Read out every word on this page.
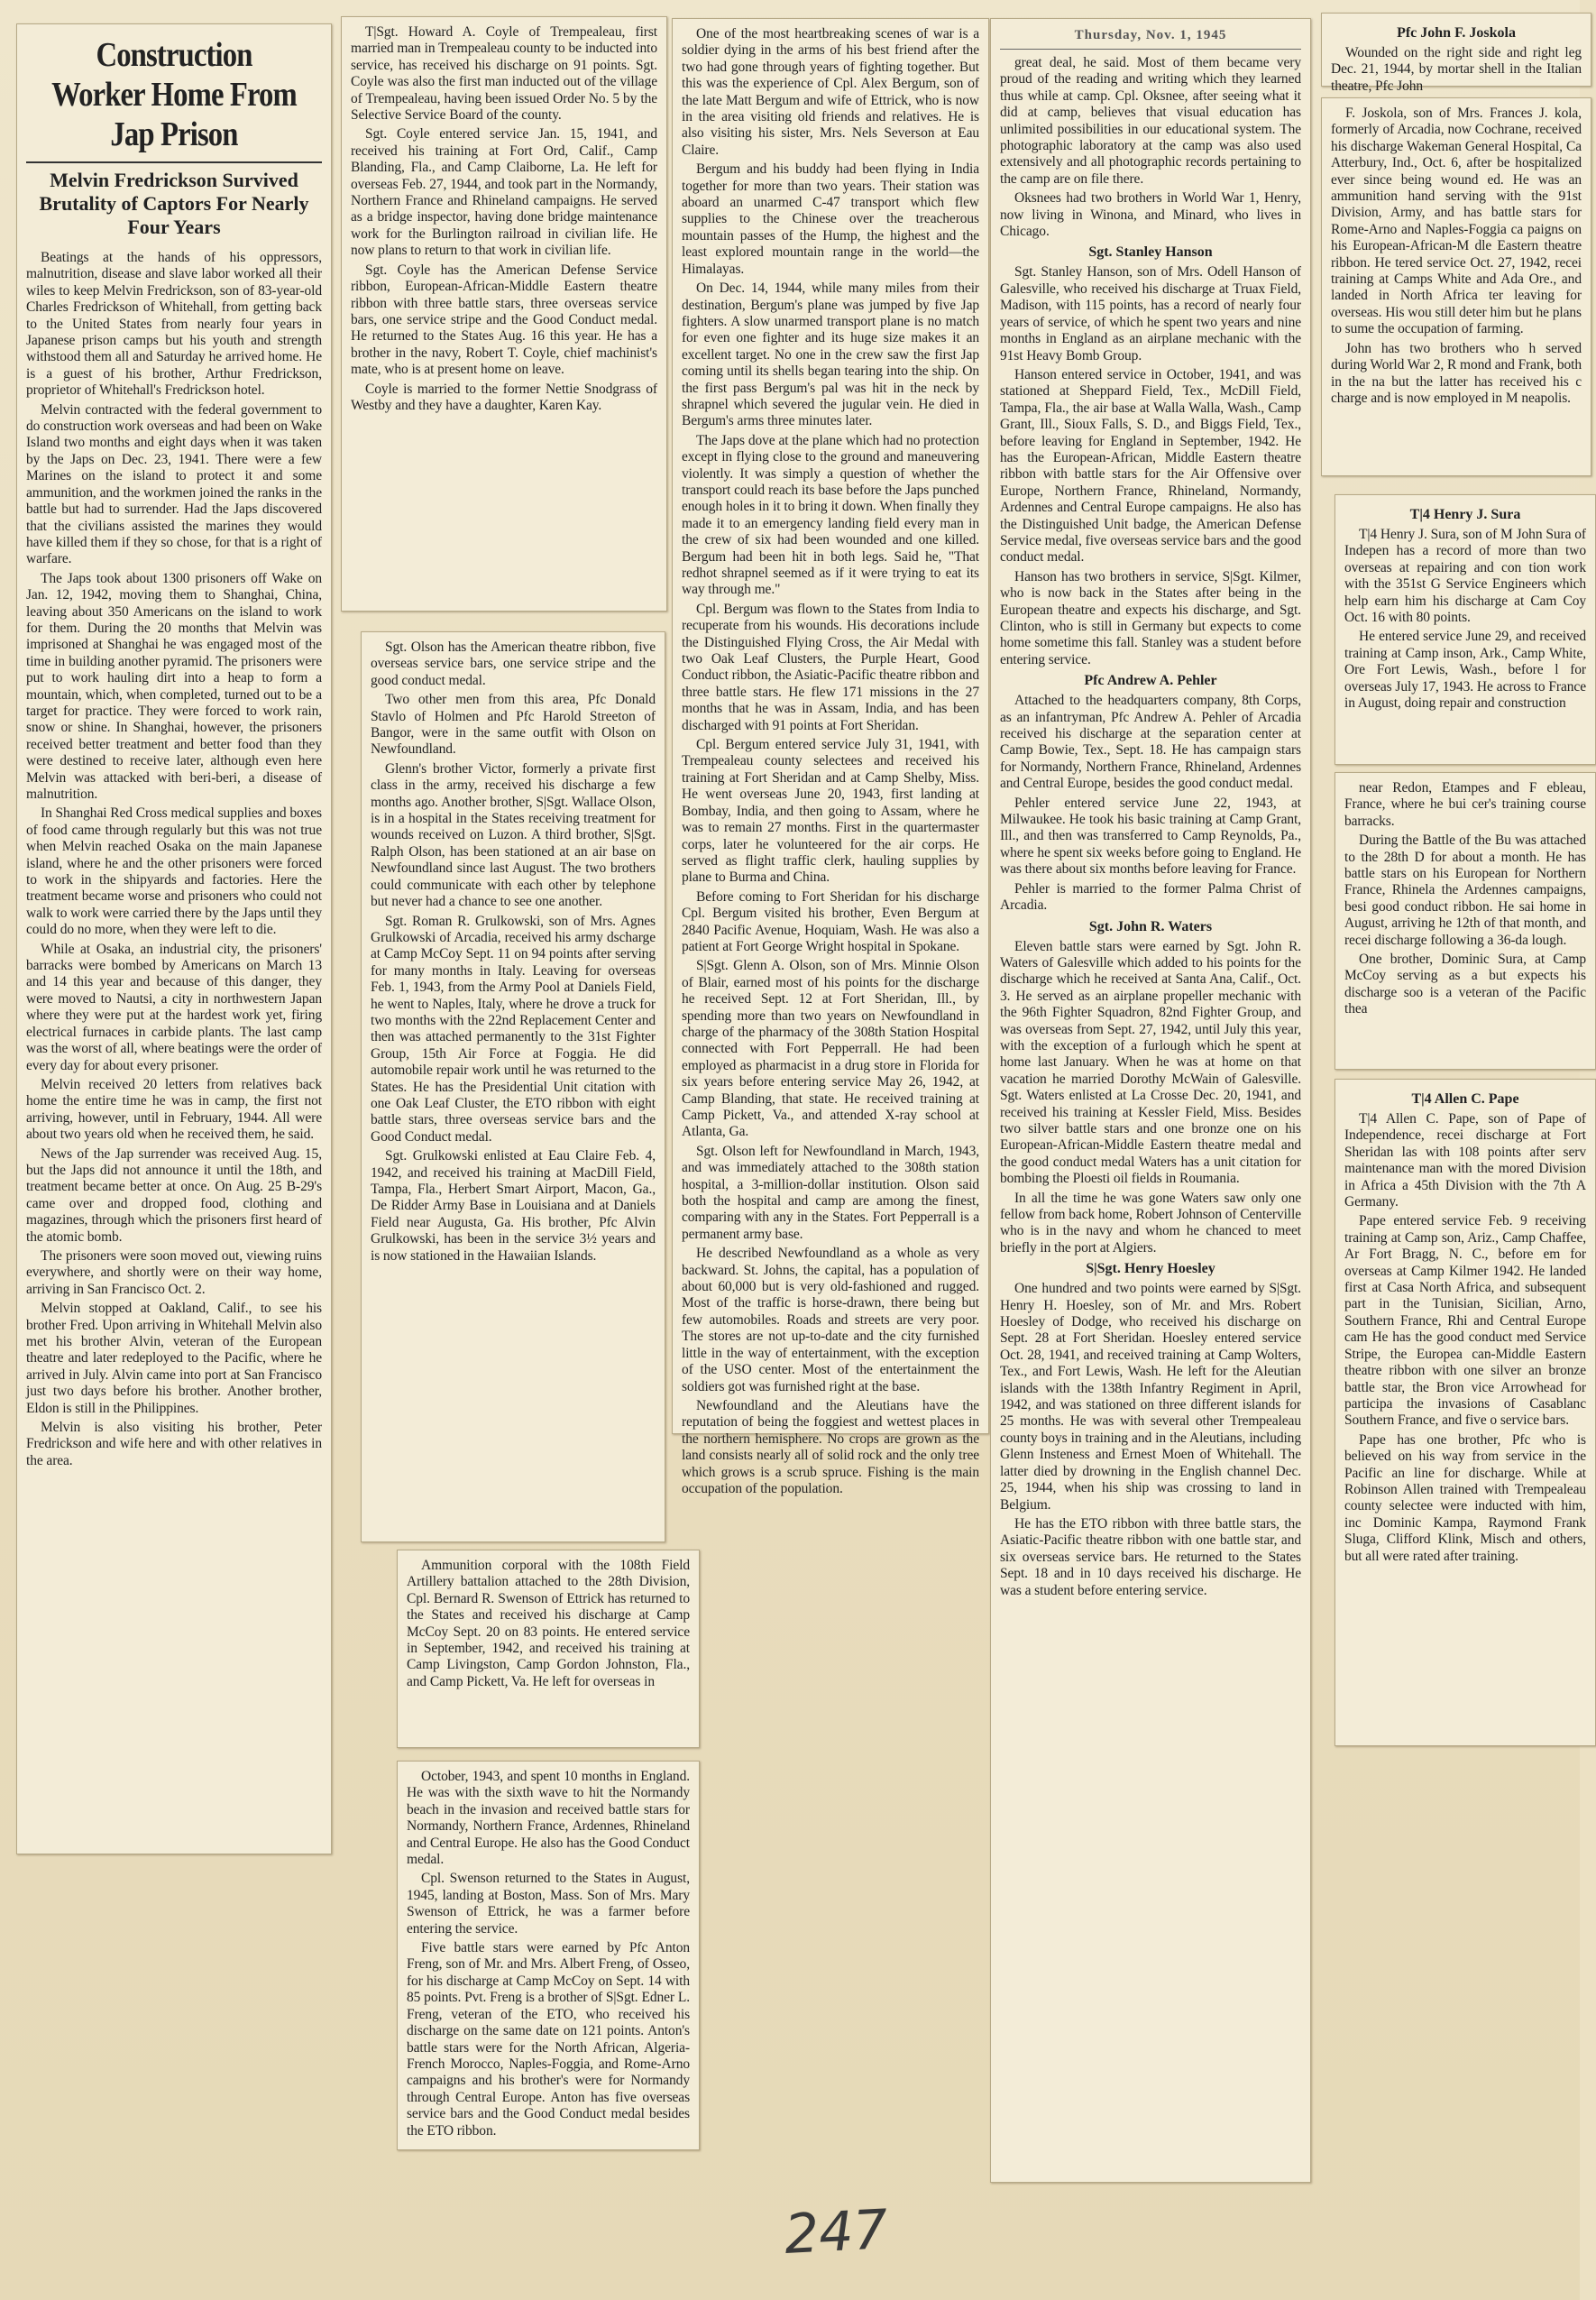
Construction Worker Home From Jap Prison
Melvin Fredrickson Survived Brutality of Captors For Nearly Four Years

Beatings at the hands of his oppressors, malnutrition, disease and slave labor worked all their wiles to keep Melvin Fredrickson, son of 83-year-old Charles Fredrickson of Whitehall, from getting back to the United States from nearly four years in Japanese prison camps but his youth and strength withstood them all and Saturday he arrived home. He is a guest of his brother, Arthur Fredrickson, proprietor of Whitehall's Fredrickson hotel.

Melvin contracted with the federal government to do construction work overseas and had been on Wake Island two months and eight days when it was taken by the Japs on Dec. 23, 1941. There were a few Marines on the island to protect it and some ammunition, and the workmen joined the ranks in the battle but had to surrender. Had the Japs discovered that the civilians assisted the marines they would have killed them if they so chose, for that is a right of warfare.

The Japs took about 1300 prisoners off Wake on Jan. 12, 1942, moving them to Shanghai, China, leaving about 350 Americans on the island to work for them. During the 20 months that Melvin was imprisoned at Shanghai he was engaged most of the time in building another pyramid. The prisoners were put to work hauling dirt into a heap to form a mountain, which, when completed, turned out to be a target for practice. They were forced to work rain, snow or shine. In Shanghai, however, the prisoners received better treatment and better food than they were destined to receive later, although even here Melvin was attacked with beri-beri, a disease of malnutrition.

In Shanghai Red Cross medical supplies and boxes of food came through regularly but this was not true when Melvin reached Osaka on the main Japanese island, where he and the other prisoners were forced to work in the shipyards and factories. Here the treatment became worse and prisoners who could not walk to work were carried there by the Japs until they could do no more, when they were left to die.

While at Osaka, an industrial city, the prisoners' barracks were bombed by Americans on March 13 and 14 this year and because of this danger, they were moved to Nautsi, a city in northwestern Japan where they were put at the hardest work yet, firing electrical furnaces in carbide plants. The last camp was the worst of all, where beatings were the order of every day for about every prisoner.

Melvin received 20 letters from relatives back home the entire time he was in camp, the first not arriving, however, until in February, 1944. All were about two years old when he received them, he said.

News of the Jap surrender was received Aug. 15, but the Japs did not announce it until the 18th, and treatment became better at once. On Aug. 25 B-29's came over and dropped food, clothing and magazines, through which the prisoners first heard of the atomic bomb.

The prisoners were soon moved out, viewing ruins everywhere, and shortly were on their way home, arriving in San Francisco Oct. 2.

Melvin stopped at Oakland, Calif., to see his brother Fred. Upon arriving in Whitehall Melvin also met his brother Alvin, veteran of the European theatre and later redeployed to the Pacific, where he arrived in July. Alvin came into port at San Francisco just two days before his brother. Another brother, Eldon is still in the Philippines.

Melvin is also visiting his brother, Peter Fredrickson and wife here and with other relatives in the area.

T|Sgt. Howard A. Coyle of Trempealeau, first married man in Trempealeau county to be inducted into service, has received his discharge on 91 points. Sgt. Coyle was also the first man inducted out of the village of Trempealeau, having been issued Order No. 5 by the Selective Service Board of the county.

Sgt. Coyle entered service Jan. 15, 1941, and received his training at Fort Ord, Calif., Camp Blanding, Fla., and Camp Claiborne, La. He left for overseas Feb. 27, 1944, and took part in the Normandy, Northern France and Rhineland campaigns. He served as a bridge inspector, having done bridge maintenance work for the Burlington railroad in civilian life. He now plans to return to that work in civilian life.

Sgt. Coyle has the American Defense Service ribbon, European-African-Middle Eastern theatre ribbon with three battle stars, three overseas service bars, one service stripe and the Good Conduct medal. He returned to the States Aug. 16 this year. He has a brother in the navy, Robert T. Coyle, chief machinist's mate, who is at present home on leave.

Coyle is married to the former Nettie Snodgrass of Westby and they have a daughter, Karen Kay.

Sgt. Olson has the American theatre ribbon, five overseas service bars, one service stripe and the good conduct medal.

Two other men from this area, Pfc Donald Stavlo of Holmen and Pfc Harold Streeton of Bangor, were in the same outfit with Olson on Newfoundland.

Glenn's brother Victor, formerly a private first class in the army, received his discharge a few months ago. Another brother, S|Sgt. Wallace Olson, is in a hospital in the States receiving treatment for wounds received on Luzon. A third brother, S|Sgt. Ralph Olson, has been stationed at an air base on Newfoundland since last August. The two brothers could communicate with each other by telephone but never had a chance to see one another.

Sgt. Roman R. Grulkowski, son of Mrs. Agnes Grulkowski of Arcadia, received his army dscharge at Camp McCoy Sept. 11 on 94 points after serving for many months in Italy. Leaving for overseas Feb. 1, 1943, from the Army Pool at Daniels Field, he went to Naples, Italy, where he drove a truck for two months with the 22nd Replacement Center and then was attached permanently to the 31st Fighter Group, 15th Air Force at Foggia. He did automobile repair work until he was returned to the States. He has the Presidential Unit citation with one Oak Leaf Cluster, the ETO ribbon with eight battle stars, three overseas service bars and the Good Conduct medal.

Sgt. Grulkowski enlisted at Eau Claire Feb. 4, 1942, and received his training at MacDill Field, Tampa, Fla., Herbert Smart Airport, Macon, Ga., De Ridder Army Base in Louisiana and at Daniels Field near Augusta, Ga. His brother, Pfc Alvin Grulkowski, has been in the service 3½ years and is now stationed in the Hawaiian Islands.

Ammunition corporal with the 108th Field Artillery battalion attached to the 28th Division, Cpl. Bernard R. Swenson of Ettrick has returned to the States and received his discharge at Camp McCoy Sept. 20 on 83 points. He entered service in September, 1942, and received his training at Camp Livingston, Camp Gordon Johnston, Fla., and Camp Pickett, Va. He left for overseas in

October, 1943, and spent 10 months in England. He was with the sixth wave to hit the Normandy beach in the invasion and received battle stars for Normandy, Northern France, Ardennes, Rhineland and Central Europe. He also has the Good Conduct medal.

Cpl. Swenson returned to the States in August, 1945, landing at Boston, Mass. Son of Mrs. Mary Swenson of Ettrick, he was a farmer before entering the service.

Five battle stars were earned by Pfc Anton Freng, son of Mr. and Mrs. Albert Freng, of Osseo, for his discharge at Camp McCoy on Sept. 14 with 85 points. Pvt. Freng is a brother of S|Sgt. Edner L. Freng, veteran of the ETO, who received his discharge on the same date on 121 points. Anton's battle stars were for the North African, Algeria-French Morocco, Naples-Foggia, and Rome-Arno campaigns and his brother's were for Normandy through Central Europe. Anton has five overseas service bars and the Good Conduct medal besides the ETO ribbon.

One of the most heartbreaking scenes of war is a soldier dying in the arms of his best friend after the two had gone through years of fighting together. But this was the experience of Cpl. Alex Bergum, son of the late Matt Bergum and wife of Ettrick, who is now in the area visiting old friends and relatives. He is also visiting his sister, Mrs. Nels Severson at Eau Claire.

Bergum and his buddy had been flying in India together for more than two years. Their station was aboard an unarmed C-47 transport which flew supplies to the Chinese over the treacherous mountain passes of the Hump, the highest and the least explored mountain range in the world—the Himalayas.

On Dec. 14, 1944, while many miles from their destination, Bergum's plane was jumped by five Jap fighters. A slow unarmed transport plane is no match for even one fighter and its huge size makes it an excellent target. No one in the crew saw the first Jap coming until its shells began tearing into the ship. On the first pass Bergum's pal was hit in the neck by shrapnel which severed the jugular vein. He died in Bergum's arms three minutes later.

The Japs dove at the plane which had no protection except in flying close to the ground and maneuvering violently. It was simply a question of whether the transport could reach its base before the Japs punched enough holes in it to bring it down. When finally they made it to an emergency landing field every man in the crew of six had been wounded and one killed. Bergum had been hit in both legs. Said he, "That redhot shrapnel seemed as if it were trying to eat its way through me."

Cpl. Bergum was flown to the States from India to recuperate from his wounds. His decorations include the Distinguished Flying Cross, the Air Medal with two Oak Leaf Clusters, the Purple Heart, Good Conduct ribbon, the Asiatic-Pacific theatre ribbon and three battle stars. He flew 171 missions in the 27 months that he was in Assam, India, and has been discharged with 91 points at Fort Sheridan.

Cpl. Bergum entered service July 31, 1941, with Trempealeau county selectees and received his training at Fort Sheridan and at Camp Shelby, Miss. He went overseas June 20, 1943, first landing at Bombay, India, and then going to Assam, where he was to remain 27 months. First in the quartermaster corps, later he volunteered for the air corps. He served as flight traffic clerk, hauling supplies by plane to Burma and China.

Before coming to Fort Sheridan for his discharge Cpl. Bergum visited his brother, Even Bergum at 2840 Pacific Avenue, Hoquiam, Wash. He was also a patient at Fort George Wright hospital in Spokane.

S|Sgt. Glenn A. Olson, son of Mrs. Minnie Olson of Blair, earned most of his points for the discharge he received Sept. 12 at Fort Sheridan, Ill., by spending more than two years on Newfoundland in charge of the pharmacy of the 308th Station Hospital connected with Fort Pepperrall. He had been employed as pharmacist in a drug store in Florida for six years before entering service May 26, 1942, at Camp Blanding, that state. He received training at Camp Pickett, Va., and attended X-ray school at Atlanta, Ga.

Sgt. Olson left for Newfoundland in March, 1943, and was immediately attached to the 308th station hospital, a 3-million-dollar institution. Olson said both the hospital and camp are among the finest, comparing with any in the States. Fort Pepperrall is a permanent army base.

He described Newfoundland as a whole as very backward. St. Johns, the capital, has a population of about 60,000 but is very old-fashioned and rugged. Most of the traffic is horse-drawn, there being but few automobiles. Roads and streets are very poor. The stores are not up-to-date and the city furnished little in the way of entertainment, with the exception of the USO center. Most of the entertainment the soldiers got was furnished right at the base.

Newfoundland and the Aleutians have the reputation of being the foggiest and wettest places in the northern hemisphere. No crops are grown as the land consists nearly all of solid rock and the only tree which grows is a scrub spruce. Fishing is the main occupation of the population.

Thursday, Nov. 1, 1945

great deal, he said. Most of them became very proud of the reading and writing which they learned thus while at camp. Cpl. Oksnee, after seeing what it did at camp, believes that visual education has unlimited possibilities in our educational system. The photographic laboratory at the camp was also used extensively and all photographic records pertaining to the camp are on file there.

Oksnees had two brothers in World War 1, Henry, now living in Winona, and Minard, who lives in Chicago.

Sgt. Stanley Hanson

Sgt. Stanley Hanson, son of Mrs. Odell Hanson of Galesville, who received his discharge at Truax Field, Madison, with 115 points, has a record of nearly four years of service, of which he spent two years and nine months in England as an airplane mechanic with the 91st Heavy Bomb Group.

Hanson entered service in October, 1941, and was stationed at Sheppard Field, Tex., McDill Field, Tampa, Fla., the air base at Walla Walla, Wash., Camp Grant, Ill., Sioux Falls, S. D., and Biggs Field, Tex., before leaving for England in September, 1942. He has the European-African, Middle Eastern theatre ribbon with battle stars for the Air Offensive over Europe, Northern France, Rhineland, Normandy, Ardennes and Central Europe campaigns. He also has the Distinguished Unit badge, the American Defense Service medal, five overseas service bars and the good conduct medal.

Hanson has two brothers in service, S|Sgt. Kilmer, who is now back in the States after being in the European theatre and expects his discharge, and Sgt. Clinton, who is still in Germany but expects to come home sometime this fall. Stanley was a student before entering service.

Pfc Andrew A. Pehler

Attached to the headquarters company, 8th Corps, as an infantryman, Pfc Andrew A. Pehler of Arcadia received his discharge at the separation center at Camp Bowie, Tex., Sept. 18. He has campaign stars for Normandy, Northern France, Rhineland, Ardennes and Central Europe, besides the good conduct medal.

Pehler entered service June 22, 1943, at Milwaukee. He took his basic training at Camp Grant, Ill., and then was transferred to Camp Reynolds, Pa., where he spent six weeks before going to England. He was there about six months before leaving for France.

Pehler is married to the former Palma Christ of Arcadia.

Sgt. John R. Waters

Eleven battle stars were earned by Sgt. John R. Waters of Galesville which added to his points for the discharge which he received at Santa Ana, Calif., Oct. 3. He served as an airplane propeller mechanic with the 96th Fighter Squadron, 82nd Fighter Group, and was overseas from Sept. 27, 1942, until July this year, with the exception of a furlough which he spent at home last January. When he was at home on that vacation he married Dorothy McWain of Galesville. Sgt. Waters enlisted at La Crosse Dec. 20, 1941, and received his training at Kessler Field, Miss. Besides two silver battle stars and one bronze one on his European-African-Middle Eastern theatre medal and the good conduct medal Waters has a unit citation for bombing the Ploesti oil fields in Roumania.

In all the time he was gone Waters saw only one fellow from back home, Robert Johnson of Centerville who is in the navy and whom he chanced to meet briefly in the port at Algiers.

S|Sgt. Henry Hoesley

One hundred and two points were earned by S|Sgt. Henry H. Hoesley, son of Mr. and Mrs. Robert Hoesley of Dodge, who received his discharge on Sept. 28 at Fort Sheridan. Hoesley entered service Oct. 28, 1941, and received training at Camp Wolters, Tex., and Fort Lewis, Wash. He left for the Aleutian islands with the 138th Infantry Regiment in April, 1942, and was stationed on three different islands for 25 months. He was with several other Trempealeau county boys in training and in the Aleutians, including Glenn Insteness and Ernest Moen of Whitehall. The latter died by drowning in the English channel Dec. 25, 1944, when his ship was crossing to land in Belgium.

He has the ETO ribbon with three battle stars, the Asiatic-Pacific theatre ribbon with one battle star, and six overseas service bars. He returned to the States Sept. 18 and in 10 days received his discharge. He was a student before entering service.

Pfc John F. Joskola

Wounded on the right side and right leg Dec. 21, 1944, by mortar shell in the Italian theatre, Pfc John

F. Joskola, son of Mrs. Frances J. kola, formerly of Arcadia, now Cochrane, received his discharge Wakeman General Hospital, Ca Atterbury, Ind., Oct. 6, after be hospitalized ever since being wound ed. He was an ammunition hand serving with the 91st Division, Army, and has battle stars for Rome-Arno and Naples-Foggia ca paigns on his European-African-M dle Eastern theatre ribbon. He tered service Oct. 27, 1942, recei training at Camps White and Ada Ore., and landed in North Africa ter leaving for overseas. His wou still deter him but he plans to sume the occupation of farming.

John has two brothers who h served during World War 2, R mond and Frank, both in the na but the latter has received his c charge and is now employed in M neapolis.

T|4 Henry J. Sura

T|4 Henry J. Sura, son of M John Sura of Indepen has a record of more than two overseas at repairing and con tion work with the 351st G Service Engineers which help earn him his discharge at Cam Coy Oct. 16 with 80 points.

He entered service June 29, and received training at Camp inson, Ark., Camp White, Ore Fort Lewis, Wash., before l for overseas July 17, 1943. He across to France in August, doing repair and construction

near Redon, Etampes and F ebleau, France, where he bui cer's training course barracks.

During the Battle of the Bu was attached to the 28th D for about a month. He has battle stars on his European for Northern France, Rhinela the Ardennes campaigns, besi good conduct ribbon. He sai home in August, arriving he 12th of that month, and recei discharge following a 36-da lough.

One brother, Dominic Sura, at Camp McCoy serving as a but expects his discharge soo is a veteran of the Pacific thea

T|4 Allen C. Pape

T|4 Allen C. Pape, son of Pape of Independence, recei discharge at Fort Sheridan las with 108 points after serv maintenance man with the mored Division in Africa a 45th Division with the 7th A Germany.

Pape entered service Feb. 9 receiving training at Camp son, Ariz., Camp Chaffee, Ar Fort Bragg, N. C., before em for overseas at Camp Kilmer 1942. He landed first at Casa North Africa, and subsequent part in the Tunisian, Sicilian, Arno, Southern France, Rhi and Central Europe cam He has the good conduct med Service Stripe, the Europea can-Middle Eastern theatre ribbon with one silver an bronze battle star, the Bron vice Arrowhead for participa the invasions of Casablanc Southern France, and five o service bars.

Pape has one brother, Pfc who is believed on his way from service in the Pacific an line for discharge. While at Robinson Allen trained with Trempealeau county selectee were inducted with him, inc Dominic Kampa, Raymond Frank Sluga, Clifford Klink, Misch and others, but all were rated after training.

247
